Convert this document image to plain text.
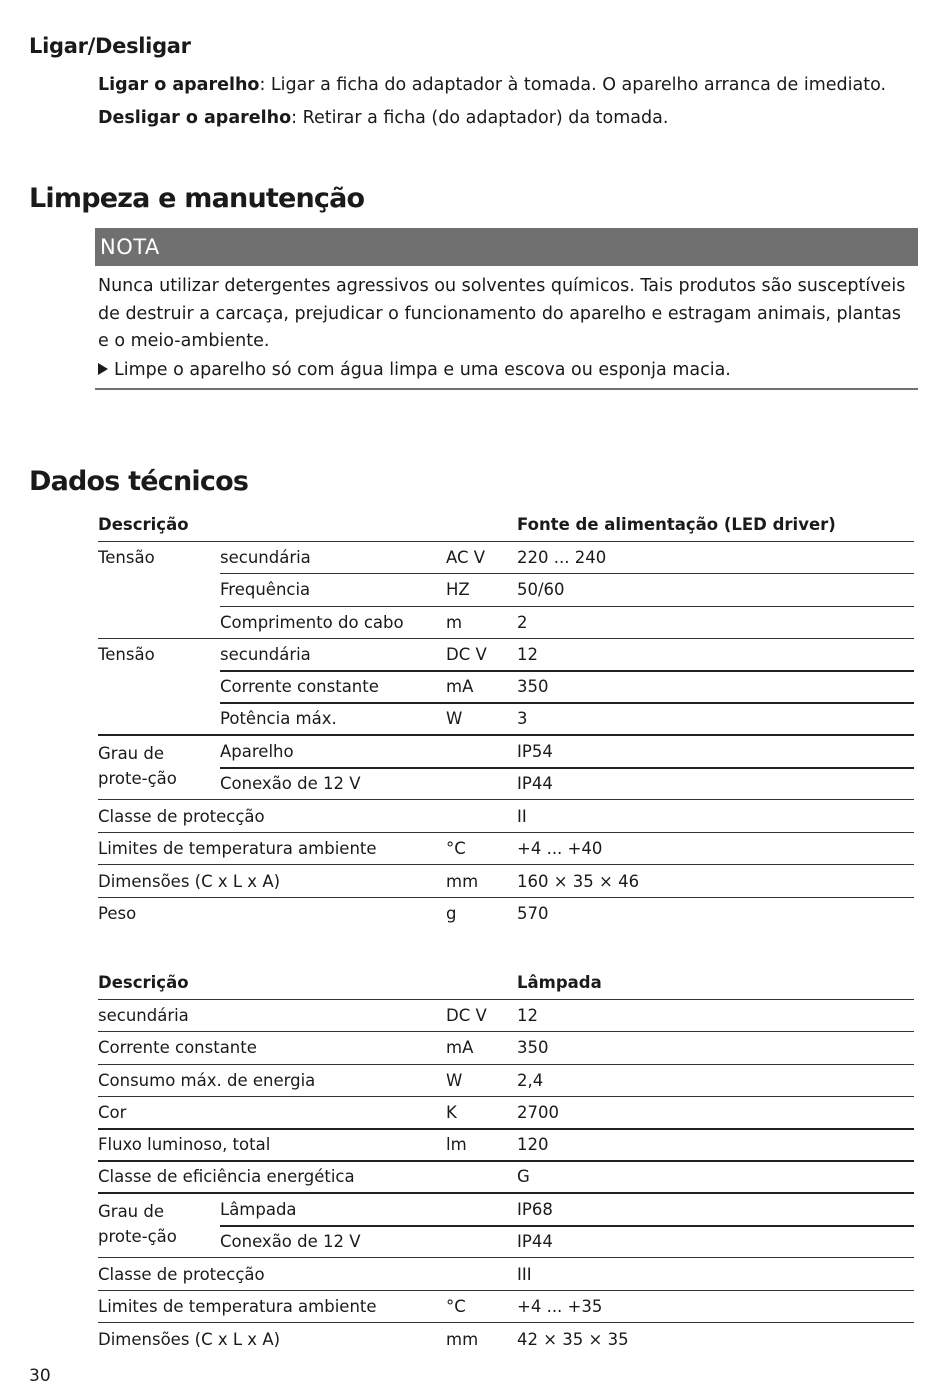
Ligar/Desligar
Ligar o aparelho: Ligar a ficha do adaptador à tomada. O aparelho arranca de imediato.
Desligar o aparelho: Retirar a ficha (do adaptador) da tomada.
Limpeza e manutenção
NOTA
Nunca utilizar detergentes agressivos ou solventes químicos. Tais produtos são susceptíveis de destruir a carcaça, prejudicar o funcionamento do aparelho e estragam animais, plantas e o meio-ambiente.
Limpe o aparelho só com água limpa e uma escova ou esponja macia.
Dados técnicos
Descrição	Fonte de alimentação (LED driver)
Tensão	secundária	AC V 220 ... 240
Frequência	HZ	50/60
Comprimento do cabo	m	2
Tensão	secundária	DC V 12
Corrente constante	mA	350
Potência máx.	W	3
Grau de prote-ção
Aparelho	IP54
Conexão de 12 V	IP44
Classe de protecção	II
Limites de temperatura ambiente	°C	+4 ... +40
Dimensões (C x L x A)	mm 160 × 35 × 46
Peso	g	570
Descrição	Lâmpada
secundária	DC V 12
Corrente constante	mA	350
Consumo máx. de energia	W	2,4
Cor	K	2700
Fluxo luminoso, total	lm	120
Classe de eficiência energética	G
Grau de prote-ção
Lâmpada	IP68
Conexão de 12 V	IP44
Classe de protecção	III
Limites de temperatura ambiente	°C	+4 ... +35
Dimensões (C x L x A)	mm 42 × 35 × 35
30
